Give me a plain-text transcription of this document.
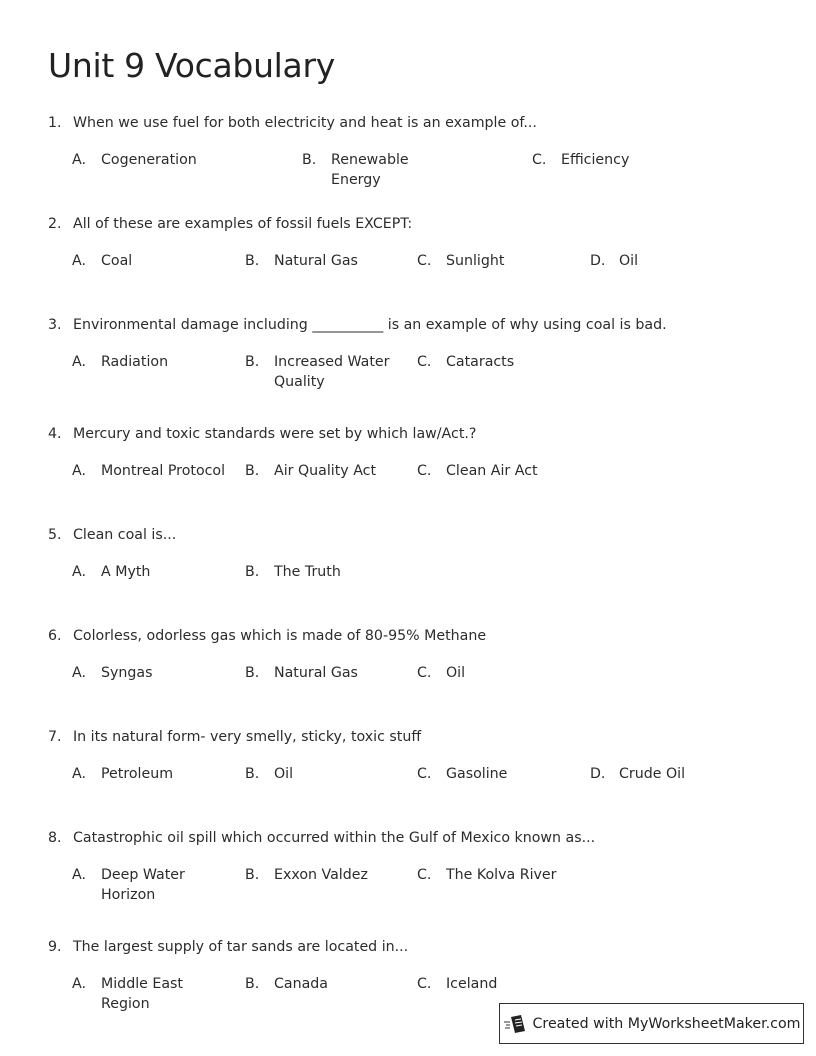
Unit 9 Vocabulary
1. When we use fuel for both electricity and heat is an example of...
A.	Cogeneration	B.	Renewable Energy
C.	Efficiency
2. All of these are examples of fossil fuels EXCEPT:
A.	Coal	B.	Natural Gas	C.	Sunlight	D. Oil
3. Environmental damage including __________ is an example of why using coal is bad.
A.	Radiation	B.	Increased Water Quality
C.	Cataracts
4. Mercury and toxic standards were set by which law/Act.?
A.	Montreal Protocol	B.	Air Quality Act	C.	Clean Air Act
5. Clean coal is...
A.	A Myth	B.	The Truth
6. Colorless, odorless gas which is made of 80-95% Methane
A.	Syngas	B.	Natural Gas	C.	Oil
7. In its natural form- very smelly, sticky, toxic stuff
A.	Petroleum	B.	Oil	C.	Gasoline	D. Crude Oil
8. Catastrophic oil spill which occurred within the Gulf of Mexico known as...
A.	Deep Water Horizon
B.	Exxon Valdez	C.	The Kolva River
9. The largest supply of tar sands are located in...
A.	Middle East Region
B.	Canada	C.	Iceland
Created with MyWorksheetMaker.com
